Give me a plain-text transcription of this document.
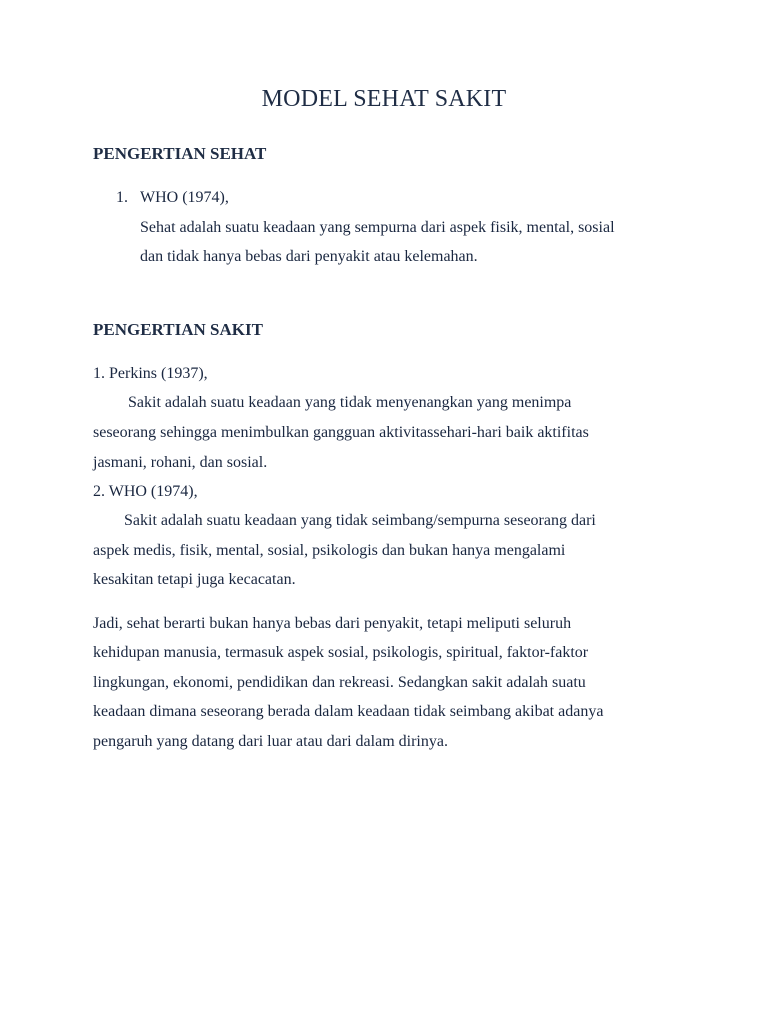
MODEL SEHAT SAKIT
PENGERTIAN SEHAT
1. WHO (1974),
Sehat adalah suatu keadaan yang sempurna dari aspek fisik, mental, sosial
dan tidak hanya bebas dari penyakit atau kelemahan.
PENGERTIAN SAKIT
1. Perkins (1937),
Sakit adalah suatu keadaan yang tidak menyenangkan yang menimpa
seseorang sehingga menimbulkan gangguan aktivitassehari-hari baik aktifitas
jasmani, rohani, dan sosial.
2. WHO (1974),
Sakit adalah suatu keadaan yang tidak seimbang/sempurna seseorang dari
aspek medis, fisik, mental, sosial, psikologis dan bukan hanya mengalami
kesakitan tetapi juga kecacatan.
Jadi, sehat berarti bukan hanya bebas dari penyakit, tetapi meliputi seluruh
kehidupan manusia, termasuk aspek sosial, psikologis, spiritual, faktor-faktor
lingkungan, ekonomi, pendidikan dan rekreasi. Sedangkan sakit adalah suatu
keadaan dimana seseorang berada dalam keadaan tidak seimbang akibat adanya
pengaruh yang datang dari luar atau dari dalam dirinya.
